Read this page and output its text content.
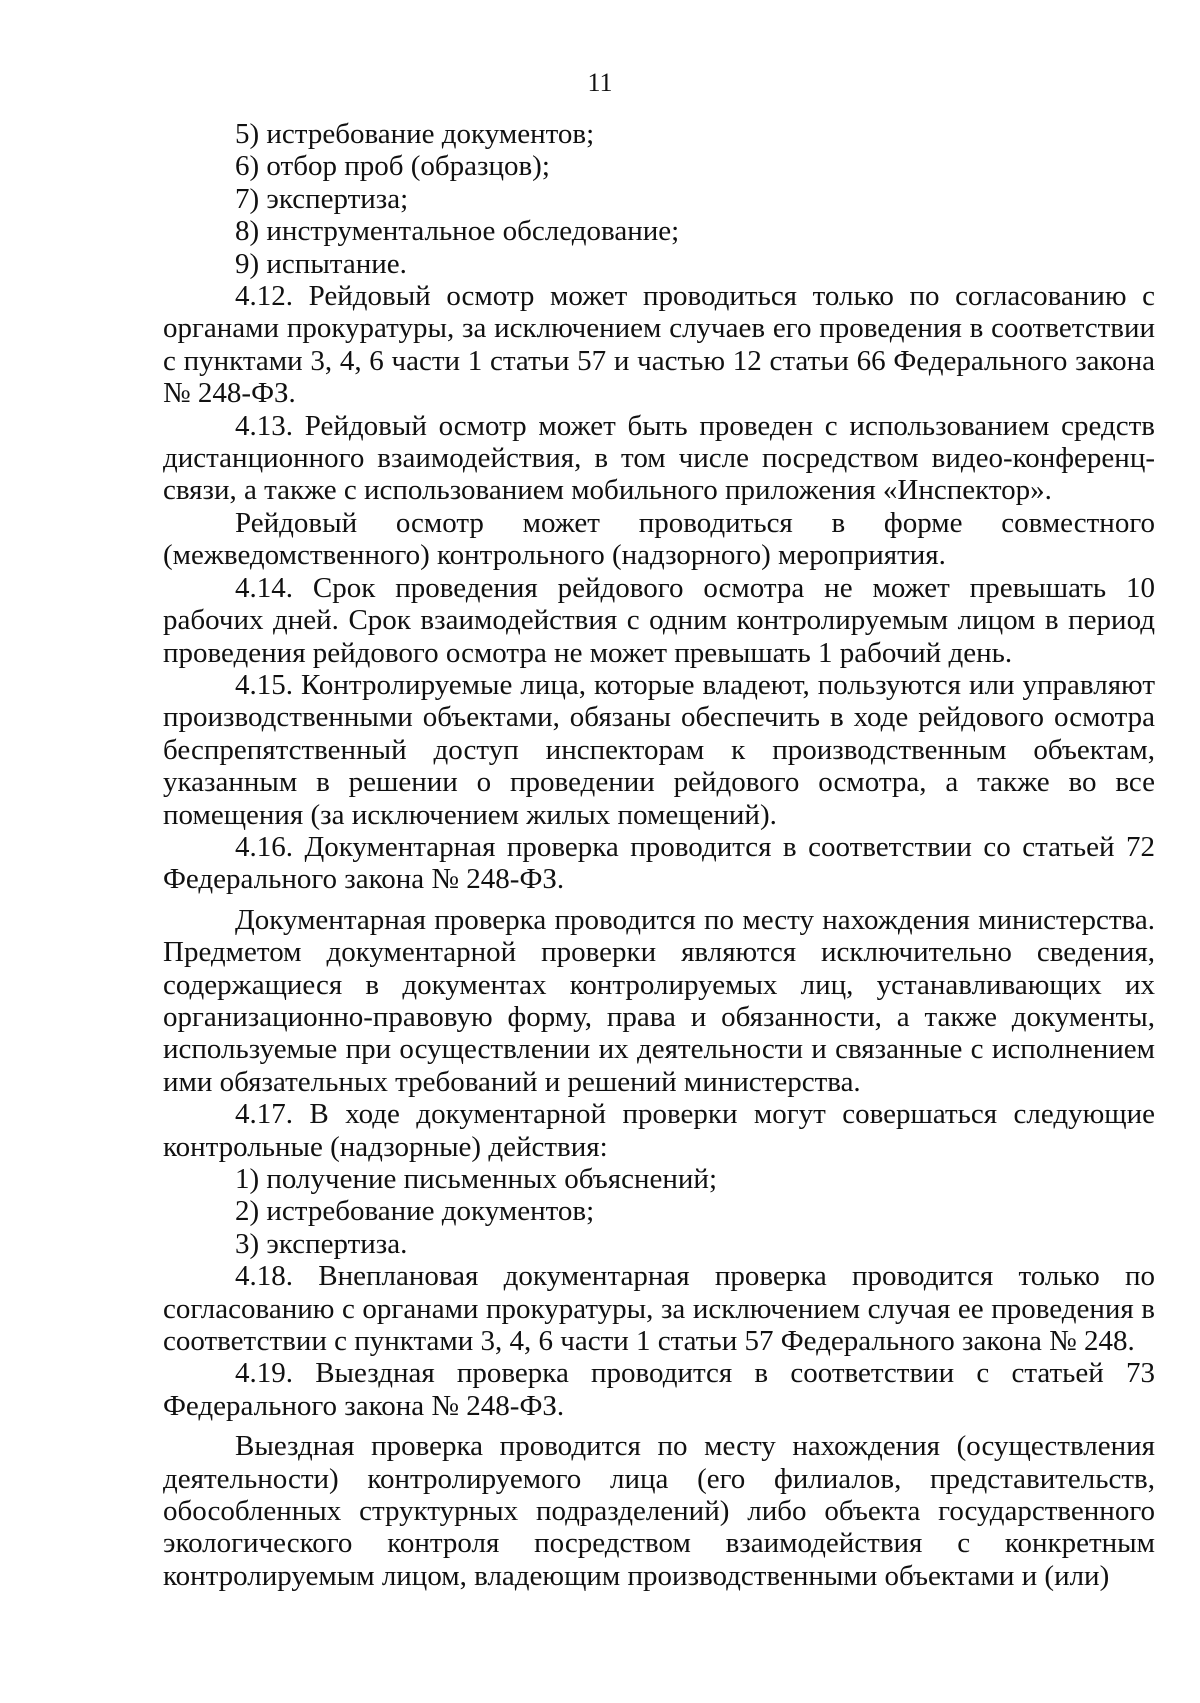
11

5) истребование документов;

6) отбор проб (образцов);

7) экспертиза;

8) инструментальное обследование;

9) испытание.

4.12. Рейдовый осмотр может проводиться только по согласованию с органами прокуратуры, за исключением случаев его проведения в соответствии с пунктами 3, 4, 6 части 1 статьи 57 и частью 12 статьи 66 Федерального закона № 248-ФЗ.

4.13. Рейдовый осмотр может быть проведен с использованием средств дистанционного взаимодействия, в том числе посредством видео-конференц-связи, а также с использованием мобильного приложения «Инспектор».

Рейдовый осмотр может проводиться в форме совместного (межведомственного) контрольного (надзорного) мероприятия.

4.14. Срок проведения рейдового осмотра не может превышать 10 рабочих дней. Срок взаимодействия с одним контролируемым лицом в период проведения рейдового осмотра не может превышать 1 рабочий день.

4.15. Контролируемые лица, которые владеют, пользуются или управляют производственными объектами, обязаны обеспечить в ходе рейдового осмотра беспрепятственный доступ инспекторам к производственным объектам, указанным в решении о проведении рейдового осмотра, а также во все помещения (за исключением жилых помещений).

4.16. Документарная проверка проводится в соответствии со статьей 72 Федерального закона № 248-ФЗ.

Документарная проверка проводится по месту нахождения министерства. Предметом документарной проверки являются исключительно сведения, содержащиеся в документах контролируемых лиц, устанавливающих их организационно-правовую форму, права и обязанности, а также документы, используемые при осуществлении их деятельности и связанные с исполнением ими обязательных требований и решений министерства.

4.17. В ходе документарной проверки могут совершаться следующие контрольные (надзорные) действия:

1) получение письменных объяснений;

2) истребование документов;

3) экспертиза.

4.18. Внеплановая документарная проверка проводится только по согласованию с органами прокуратуры, за исключением случая ее проведения в соответствии с пунктами 3, 4, 6 части 1 статьи 57 Федерального закона № 248.

4.19. Выездная проверка проводится в соответствии с статьей 73 Федерального закона № 248-ФЗ.

Выездная проверка проводится по месту нахождения (осуществления деятельности) контролируемого лица (его филиалов, представительств, обособленных структурных подразделений) либо объекта государственного экологического контроля посредством взаимодействия с конкретным контролируемым лицом, владеющим производственными объектами и (или)
